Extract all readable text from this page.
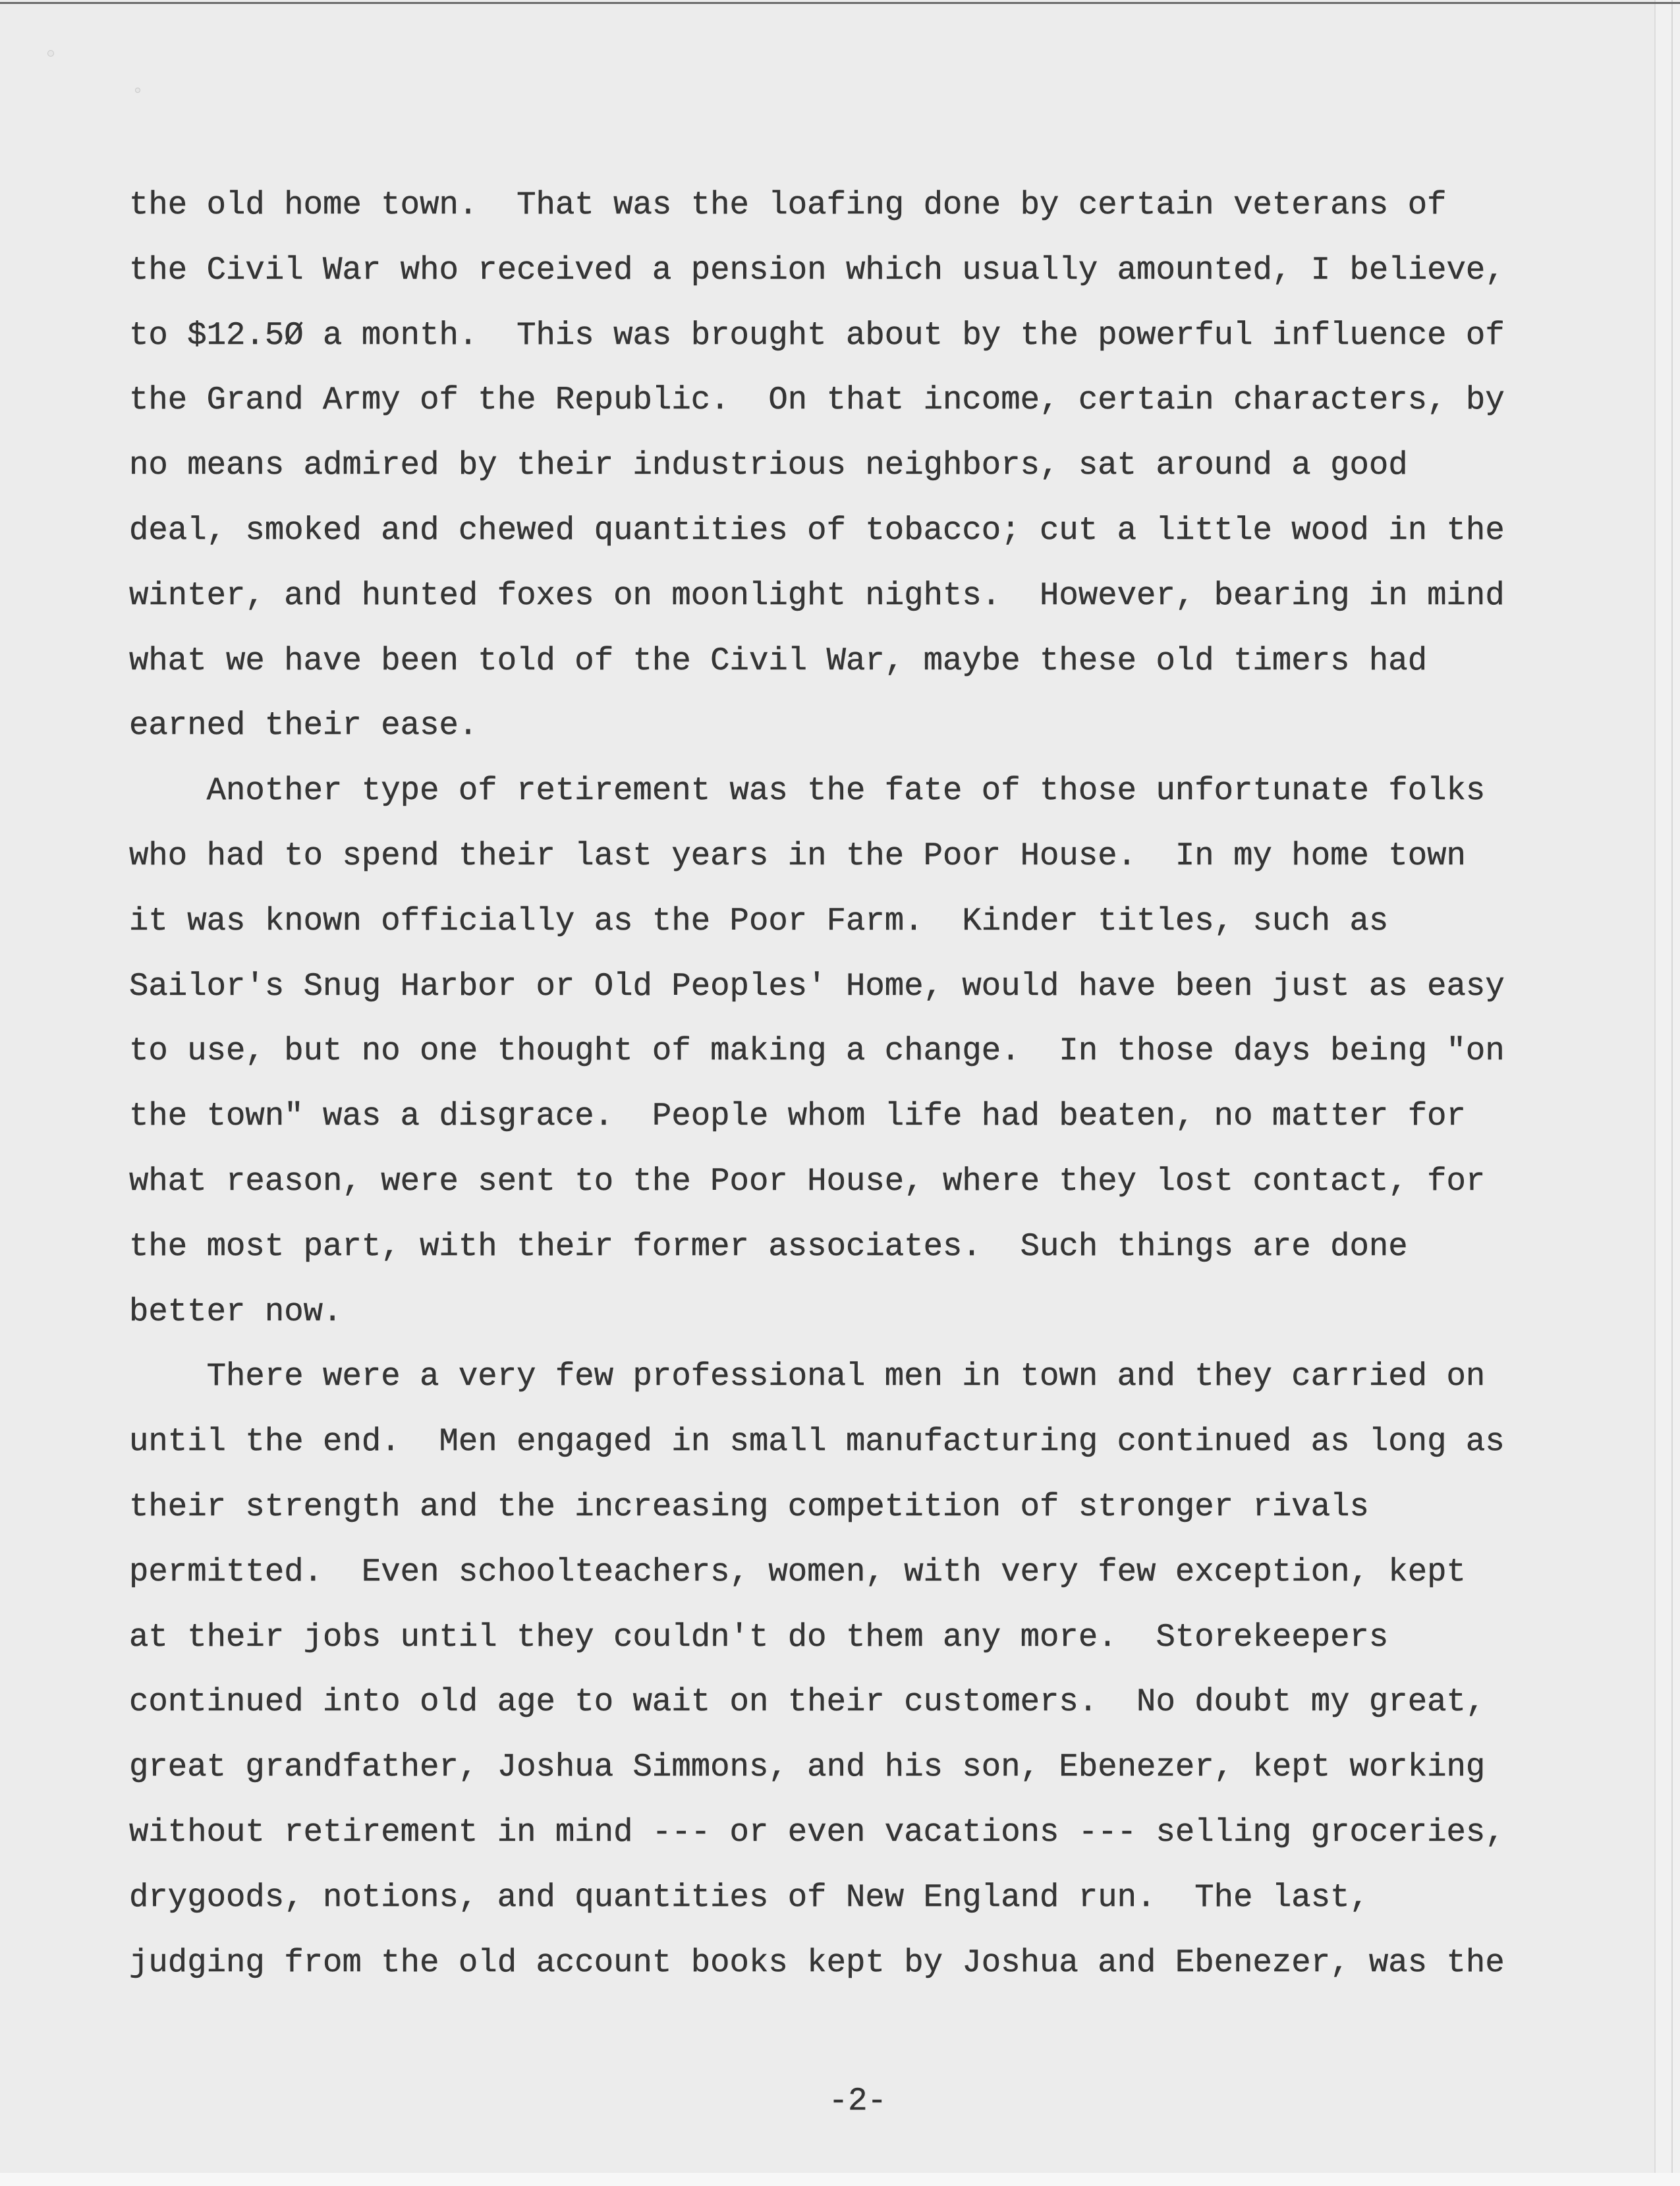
the old home town.  That was the loafing done by certain veterans of
the Civil War who received a pension which usually amounted, I believe,
to $12.5Ø a month.  This was brought about by the powerful influence of
the Grand Army of the Republic.  On that income, certain characters, by
no means admired by their industrious neighbors, sat around a good
deal, smoked and chewed quantities of tobacco; cut a little wood in the
winter, and hunted foxes on moonlight nights.  However, bearing in mind
what we have been told of the Civil War, maybe these old timers had
earned their ease.
Another type of retirement was the fate of those unfortunate folks
who had to spend their last years in the Poor House.  In my home town
it was known officially as the Poor Farm.  Kinder titles, such as
Sailor's Snug Harbor or Old Peoples' Home, would have been just as easy
to use, but no one thought of making a change.  In those days being "on
the town" was a disgrace.  People whom life had beaten, no matter for
what reason, were sent to the Poor House, where they lost contact, for
the most part, with their former associates.  Such things are done
better now.
There were a very few professional men in town and they carried on
until the end.  Men engaged in small manufacturing continued as long as
their strength and the increasing competition of stronger rivals
permitted.  Even schoolteachers, women, with very few exception, kept
at their jobs until they couldn't do them any more.  Storekeepers
continued into old age to wait on their customers.  No doubt my great,
great grandfather, Joshua Simmons, and his son, Ebenezer, kept working
without retirement in mind --- or even vacations --- selling groceries,
drygoods, notions, and quantities of New England run.  The last,
judging from the old account books kept by Joshua and Ebenezer, was the

-2-
